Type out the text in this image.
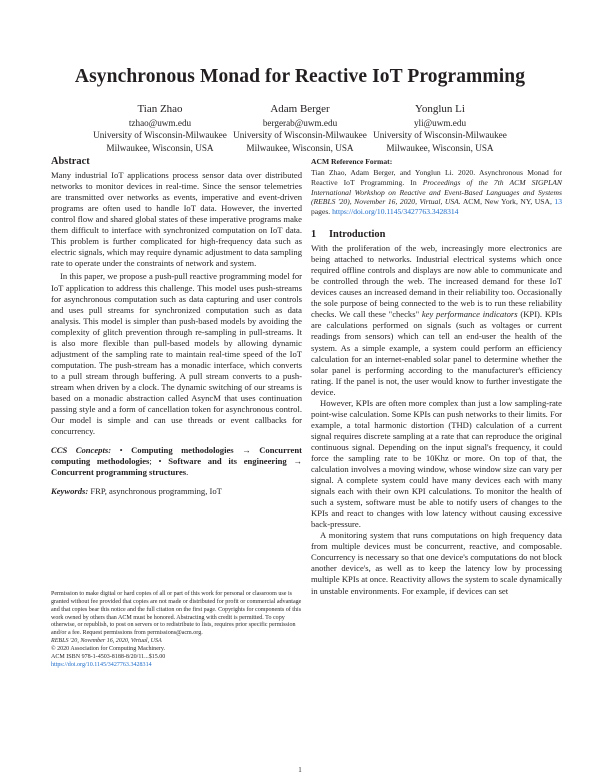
Asynchronous Monad for Reactive IoT Programming
Tian Zhao
tzhao@uwm.edu
University of Wisconsin-Milwaukee
Milwaukee, Wisconsin, USA
Adam Berger
bergerab@uwm.edu
University of Wisconsin-Milwaukee
Milwaukee, Wisconsin, USA
Yonglun Li
yli@uwm.edu
University of Wisconsin-Milwaukee
Milwaukee, Wisconsin, USA
Abstract

Many industrial IoT applications process sensor data over distributed networks to monitor devices in real-time. Since the sensor telemetries are transmitted over networks as events, imperative and event-driven programs are often used to handle IoT data. However, the inverted control flow and shared global states of these imperative programs make them difficult to interface with synchronized computation on IoT data. This problem is further complicated for high-frequency data such as electric signals, which may require dynamic adjustment to data sampling rate to operate under the constraints of network and system.

In this paper, we propose a push-pull reactive programming model for IoT application to address this challenge. This model uses push-streams for asynchronous computation such as data capturing and user controls and uses pull streams for synchronized computation such as data analysis. This model is simpler than push-based models by avoiding the complexity of glitch prevention through re-sampling in pull-streams. It is also more flexible than pull-based models by allowing dynamic adjustment of the sampling rate to maintain real-time speed of the IoT computation. The push-stream has a monadic interface, which converts to a pull stream through buffering. A pull stream converts to a push-stream when driven by a clock. The dynamic switching of our streams is based on a monadic abstraction called AsyncM that uses continuation passing style and a form of cancellation token for asynchronous control. Our model is simple and can use threads or event callbacks for concurrency.

CCS Concepts: • Computing methodologies → Concurrent computing methodologies; • Software and its engineering → Concurrent programming structures.
Keywords: FRP, asynchronous programming, IoT

Permission to make digital or hard copies of all or part of this work for personal or classroom use is granted without fee provided that copies are not made or distributed for profit or commercial advantage and that copies bear this notice and the full citation on the first page. Copyrights for components of this work owned by others than ACM must be honored. Abstracting with credit is permitted. To copy otherwise, or republish, to post on servers or to redistribute to lists, requires prior specific permission and/or a fee. Request permissions from permissions@acm.org.

REBLS '20, November 16, 2020, Virtual, USA

© 2020 Association for Computing Machinery.

ACM ISBN 978-1-4503-8188-8/20/11...$15.00

https://doi.org/10.1145/3427763.3428314

ACM Reference Format:
Tian Zhao, Adam Berger, and Yonglun Li. 2020. Asynchronous Monad for Reactive IoT Programming. In Proceedings of the 7th ACM SIGPLAN International Workshop on Reactive and Event-Based Languages and Systems (REBLS '20), November 16, 2020, Virtual, USA. ACM, New York, NY, USA, 13 pages. https://doi.org/10.1145/3427763.3428314
1 Introduction

With the proliferation of the web, increasingly more electronics are being attached to networks. Industrial electrical systems which once required offline controls and displays are now able to communicate and be controlled through the web. The increased demand for these IoT devices causes an increased demand in their reliability too. Occasionally the sole purpose of being connected to the web is to run these reliability checks. We call these "checks" key performance indicators (KPI). KPIs are calculations performed on signals (such as voltages or current readings from sensors) which can tell an end-user the health of the system. As a simple example, a system could perform an efficiency calculation for an internet-enabled solar panel to determine whether the solar panel is performing according to the manufacturer's efficiency rating. If the panel is not, the user would know to further investigate the device.

However, KPIs are often more complex than just a low sampling-rate point-wise calculation. Some KPIs can push networks to their limits. For example, a total harmonic distortion (THD) calculation of a current signal requires discrete sampling at a rate that can reproduce the original continuous signal. Depending on the input signal's frequency, it could force the sampling rate to be 10Khz or more. On top of that, the calculation involves a moving window, whose window size can vary per signal. A complete system could have many devices each with many signals each with their own KPI calculations. To monitor the health of such a system, software must be able to notify users of changes to the KPIs and react to changes with low latency without causing excessive back-pressure.

A monitoring system that runs computations on high frequency data from multiple devices must be concurrent, reactive, and composable. Concurrency is necessary so that one device's computations do not block another device's, as well as to keep the latency low by processing multiple KPIs at once. Reactivity allows the system to scale dynamically in unstable environments. For example, if devices can set

1
